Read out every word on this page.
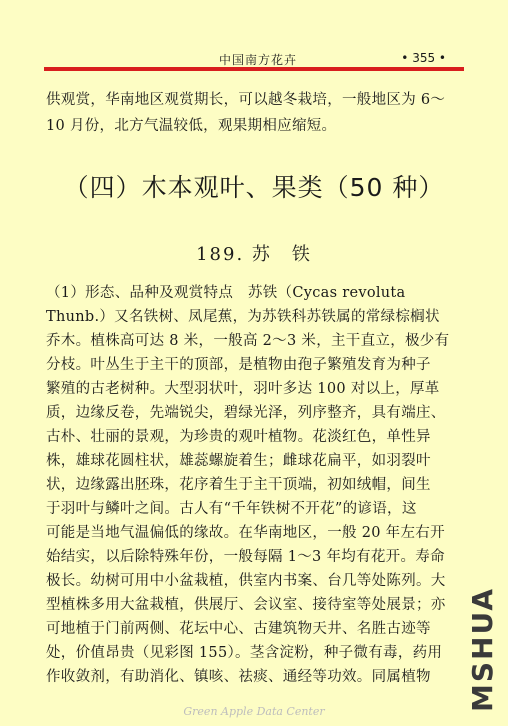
中国南方花卉	• 355 •
供观赏，华南地区观赏期长，可以越冬栽培，一般地区为 6～
10 月份，北方气温较低，观果期相应缩短。
（四）木本观叶、果类（50 种）
189. 苏　铁
（1）形态、品种及观赏特点　苏铁（Cycas revoluta
Thunb.）又名铁树、凤尾蕉，为苏铁科苏铁属的常绿棕榈状
乔木。植株高可达 8 米，一般高 2～3 米，主干直立，极少有
分枝。叶丛生于主干的顶部，是植物由孢子繁殖发育为种子
繁殖的古老树种。大型羽状叶，羽叶多达 100 对以上，厚革
质，边缘反卷，先端锐尖，碧绿光泽，列序整齐，具有端庄、
古朴、壮丽的景观，为珍贵的观叶植物。花淡红色，单性异
株，雄球花圆柱状，雄蕊螺旋着生；雌球花扁平，如羽裂叶
状，边缘露出胚珠，花序着生于主干顶端，初如绒帽，间生
于羽叶与鳞叶之间。古人有“千年铁树不开花”的谚语，这
可能是当地气温偏低的缘故。在华南地区，一般 20 年左右开
始结实，以后除特殊年份，一般每隔 1～3 年均有花开。寿命
极长。幼树可用中小盆栽植，供室内书案、台几等处陈列。大
型植株多用大盆栽植，供展厅、会议室、接待室等处展景；亦
可地植于门前两侧、花坛中心、古建筑物天井、名胜古迹等
处，价值昂贵（见彩图 155）。茎含淀粉，种子微有毒，药用
作收敛剂，有助消化、镇咳、祛痰、通经等功效。同属植物	MSHUA
Green Apple Data Center
